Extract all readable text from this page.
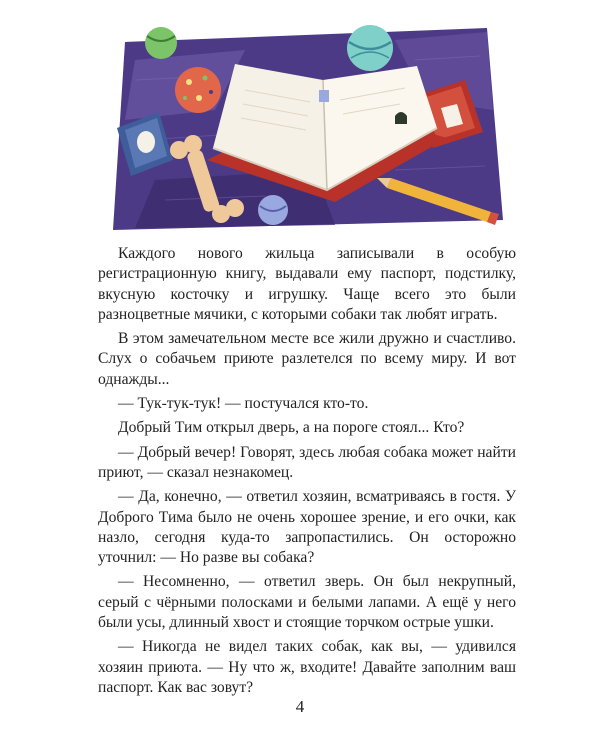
Каждого нового жильца записывали в особую регистрационную книгу, выдавали ему паспорт, подстилку, вкусную косточку и игрушку. Чаще всего это были разноцветные мячики, с которыми собаки так любят играть.

В этом замечательном месте все жили дружно и счастливо. Слух о собачьем приюте разлетелся по всему миру. И вот однажды...

— Тук-тук-тук! — постучался кто-то.

Добрый Тим открыл дверь, а на пороге стоял... Кто?

— Добрый вечер! Говорят, здесь любая собака может найти приют, — сказал незнакомец.

— Да, конечно, — ответил хозяин, всматриваясь в гостя. У Доброго Тима было не очень хорошее зрение, и его очки, как назло, сегодня куда-то запропастились. Он осторожно уточнил: — Но разве вы собака?

— Несомненно, — ответил зверь. Он был некрупный, серый с чёрными полосками и белыми лапами. А ещё у него были усы, длинный хвост и стоящие торчком острые ушки.

— Никогда не видел таких собак, как вы, — удивился хозяин приюта. — Ну что ж, входите! Давайте заполним ваш паспорт. Как вас зовут?

4
